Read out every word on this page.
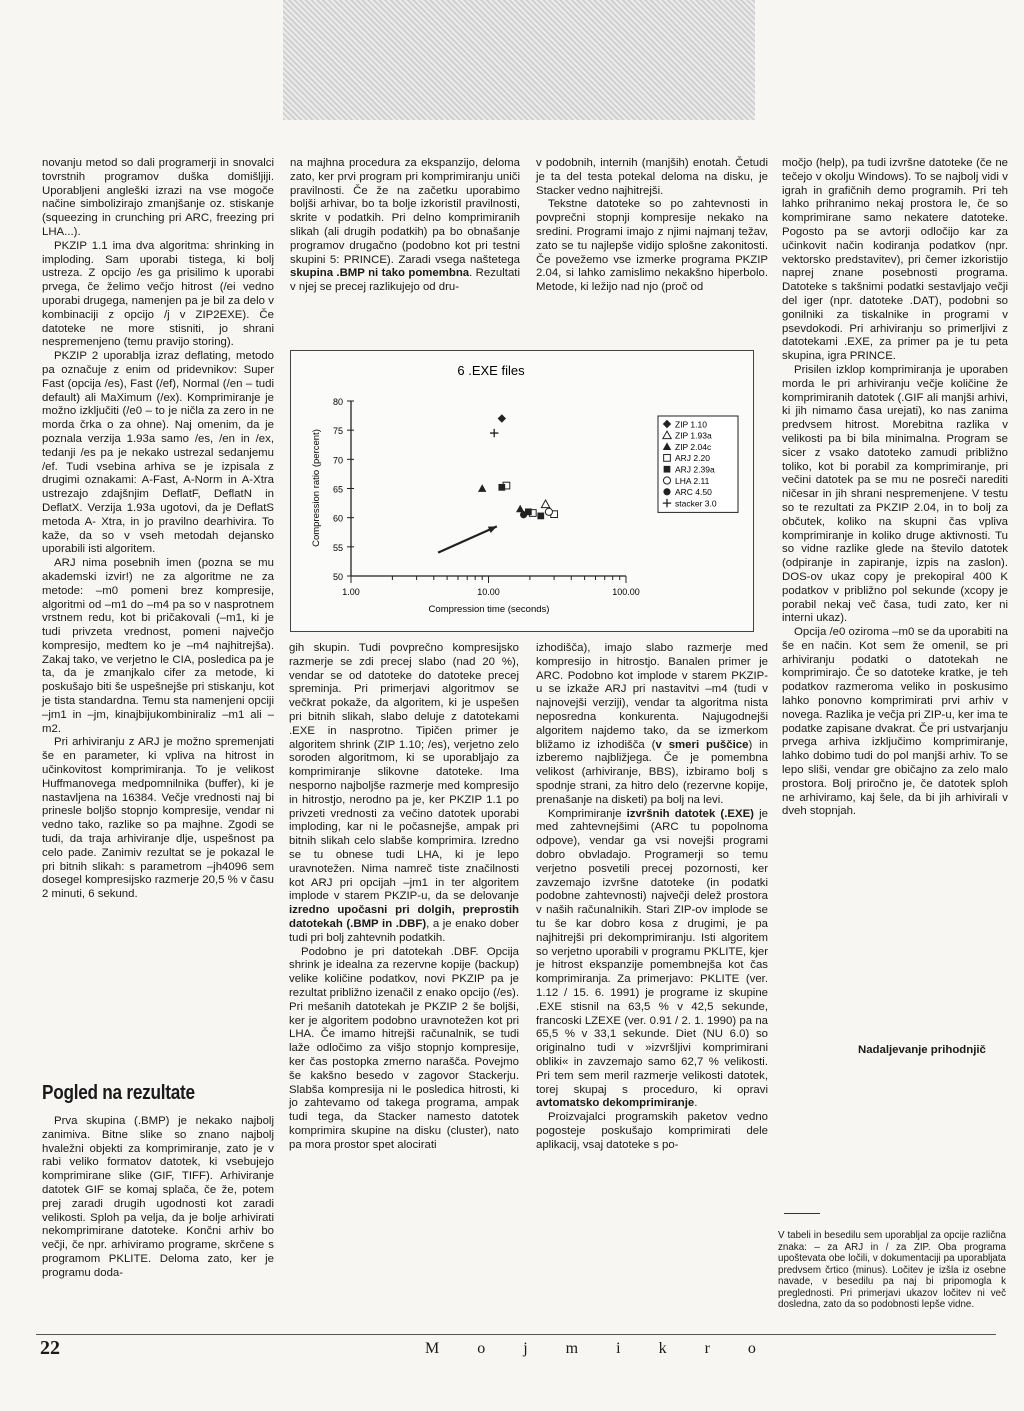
novanju metod so dali programerji in snovalci tovrstnih programov duška domišljiji. Uporabljeni angleški izrazi na vse mogoče načine simbolizirajo zmanjšanje oz. stiskanje (squeezing in crunching pri ARC, freezing pri LHA...).

PKZIP 1.1 ima dva algoritma: shrinking in imploding. Sam uporabi tistega, ki bolj ustreza. Z opcijo /es ga prisilimo k uporabi prvega, če želimo večjo hitrost (/ei vedno uporabi drugega, namenjen pa je bil za delo v kombinaciji z opcijo /j v ZIP2EXE). Če datoteke ne more stisniti, jo shrani nespremenjeno (temu pravijo storing).

PKZIP 2 uporablja izraz deflating, metodo pa označuje z enim od pridevnikov: Super Fast (opcija /es), Fast (/ef), Normal (/en – tudi default) ali MaXimum (/ex). Komprimiranje je možno izključiti (/e0 – to je ničla za zero in ne morda črka o za ohne). Naj omenim, da je poznala verzija 1.93a samo /es, /en in /ex, tedanji /es pa je nekako ustrezal sedanjemu /ef. Tudi vsebina arhiva se je izpisala z drugimi oznakami: A-Fast, A-Norm in A-Xtra ustrezajo zdajšnjim DeflatF, DeflatN in DeflatX. Verzija 1.93a ugotovi, da je DeflatS metoda A- Xtra, in jo pravilno dearhivira. To kaže, da so v vseh metodah dejansko uporabili isti algoritem.

ARJ nima posebnih imen (pozna se mu akademski izvir!) ne za algoritme ne za metode: –m0 pomeni brez kompresije, algoritmi od –m1 do –m4 pa so v nasprotnem vrstnem redu, kot bi pričakovali (–m1, ki je tudi privzeta vrednost, pomeni največjo kompresijo, medtem ko je –m4 najhitrejša). Zakaj tako, ve verjetno le CIA, posledica pa je ta, da je zmanjkalo cifer za metode, ki poskušajo biti še uspešnejše pri stiskanju, kot je tista standardna. Temu sta namenjeni opciji –jm1 in –jm, kinajbijukombiniraliz –m1 ali –m2.

Pri arhiviranju z ARJ je možno spremenjati še en parameter, ki vpliva na hitrost in učinkovitost komprimiranja. To je velikost Huffmanovega medpomnilnika (buffer), ki je nastavljena na 16384. Večje vrednosti naj bi prinesle boljšo stopnjo kompresije, vendar ni vedno tako, razlike so pa majhne. Zgodi se tudi, da traja arhiviranje dlje, uspešnost pa celo pade. Zanimiv rezultat se je pokazal le pri bitnih slikah: s parametrom –jh4096 sem dosegel kompresijsko razmerje 20,5 % v času 2 minuti, 6 sekund.

Pogled na rezultate

Prva skupina (.BMP) je nekako najbolj zanimiva. Bitne slike so znano najbolj hvaležni objekti za komprimiranje, zato je v rabi veliko formatov datotek, ki vsebujejo komprimirane slike (GIF, TIFF). Arhiviranje datotek GIF se komaj splača, če že, potem prej zaradi drugih ugodnosti kot zaradi velikosti. Sploh pa velja, da je bolje arhivirati nekomprimirane datoteke. Končni arhiv bo večji, če npr. arhiviramo programe, skrčene s programom PKLITE. Deloma zato, ker je programu doda-

na majhna procedura za ekspanzijo, deloma zato, ker prvi program pri komprimiranju uniči pravilnosti. Če že na začetku uporabimo boljši arhivar, bo ta bolje izkoristil pravilnosti, skrite v podatkih. Pri delno komprimiranih slikah (ali drugih podatkih) pa bo obnašanje programov drugačno (podobno kot pri testni skupini 5: PRINCE). Zaradi vsega naštetega skupina .BMP ni tako pomembna. Rezultati v njej se precej razlikujejo od dru-

v podobnih, internih (manjših) enotah. Četudi je ta del testa potekal deloma na disku, je Stacker vedno najhitrejši.

Tekstne datoteke so po zahtevnosti in povprečni stopnji kompresije nekako na sredini. Programi imajo z njimi najmanj težav, zato se tu najlepše vidijo splošne zakonitosti. Če povežemo vse izmerke programa PKZIP 2.04, si lahko zamislimo nekakšno hiperbolo. Metode, ki ležijo nad njo (proč od

močjo (help), pa tudi izvršne datoteke (če ne tečejo v okolju Windows). To se najbolj vidi v igrah in grafičnih demo programih. Pri teh lahko prihranimo nekaj prostora le, če so komprimirane samo nekatere datoteke. Pogosto pa se avtorji odločijo kar za učinkovit način kodiranja podatkov (npr. vektorsko predstavitev), pri čemer izkoristijo naprej znane posebnosti programa. Datoteke s takšnimi podatki sestavljajo večji del iger (npr. datoteke .DAT), podobni so gonilniki za tiskalnike in programi v psevdokodi. Pri arhiviranju so primerljivi z datotekami .EXE, za primer pa je tu peta skupina, igra PRINCE.

Prisilen izklop komprimiranja je uporaben morda le pri arhiviranju večje količine že komprimiranih datotek (.GIF ali manjši arhivi, ki jih nimamo časa urejati), ko nas zanima predvsem hitrost. Morebitna razlika v velikosti pa bi bila minimalna. Program se sicer z vsako datoteko zamudi približno toliko, kot bi porabil za komprimiranje, pri večini datotek pa se mu ne posreči narediti ničesar in jih shrani nespremenjene. V testu so te rezultati za PKZIP 2.04, in to bolj za občutek, koliko na skupni čas vpliva komprimiranje in koliko druge aktivnosti. Tu so vidne razlike glede na število datotek (odpiranje in zapiranje, izpis na zaslon). DOS-ov ukaz copy je prekopiral 400 K podatkov v približno pol sekunde (xcopy je porabil nekaj več časa, tudi zato, ker ni interni ukaz).

Opcija /e0 oziroma –m0 se da uporabiti na še en način. Kot sem že omenil, se pri arhiviranju podatki o datotekah ne komprimirajo. Če so datoteke kratke, je teh podatkov razmeroma veliko in poskusimo lahko ponovno komprimirati prvi arhiv v novega. Razlika je večja pri ZIP-u, ker ima te podatke zapisane dvakrat. Če pri ustvarjanju prvega arhiva izključimo komprimiranje, lahko dobimo tudi do pol manjši arhiv. To se lepo sliši, vendar gre običajno za zelo malo prostora. Bolj priročno je, če datotek sploh ne arhiviramo, kaj šele, da bi jih arhivirali v dveh stopnjah.

Nadaljevanje prihodnjič
6 .EXE files
50
55
60
65
70
75
80
1.00	10.00	100.00
Compression time (seconds)
Compression ratio (percent)
ZIP 1.10
ZIP 1.93a
ZIP 2.04c
ARJ 2.20
ARJ 2.39a
LHA 2.11
ARC 4.50
stacker 3.0

gih skupin. Tudi povprečno kompresijsko razmerje se zdi precej slabo (nad 20 %), vendar se od datoteke do datoteke precej spreminja. Pri primerjavi algoritmov se večkrat pokaže, da algoritem, ki je uspešen pri bitnih slikah, slabo deluje z datotekami .EXE in nasprotno. Tipičen primer je algoritem shrink (ZIP 1.10; /es), verjetno zelo soroden algoritmom, ki se uporabljajo za komprimiranje slikovne datoteke. Ima nesporno najboljše razmerje med kompresijo in hitrostjo, nerodno pa je, ker PKZIP 1.1 po privzeti vrednosti za večino datotek uporabi imploding, kar ni le počasnejše, ampak pri bitnih slikah celo slabše komprimira. Izredno se tu obnese tudi LHA, ki je lepo uravnotežen. Nima namreč tiste značilnosti kot ARJ pri opcijah –jm1 in ter algoritem implode v starem PKZIP-u, da se delovanje izredno upočasni pri dolgih, preprostih datotekah (.BMP in .DBF), a je enako dober tudi pri bolj zahtevnih podatkih.

Podobno je pri datotekah .DBF. Opcija shrink je idealna za rezervne kopije (backup) velike količine podatkov, novi PKZIP pa je rezultat približno izenačil z enako opcijo (/es). Pri mešanih datotekah je PKZIP 2 še boljši, ker je algoritem podobno uravnotežen kot pri LHA. Če imamo hitrejši računalnik, se tudi laže odločimo za višjo stopnjo kompresije, ker čas postopka zmerno narašča. Povejmo še kakšno besedo v zagovor Stackerju. Slabša kompresija ni le posledica hitrosti, ki jo zahtevamo od takega programa, ampak tudi tega, da Stacker namesto datotek komprimira skupine na disku (cluster), nato pa mora prostor spet alocirati

izhodišča), imajo slabo razmerje med kompresijo in hitrostjo. Banalen primer je ARC. Podobno kot implode v starem PKZIP- u se izkaže ARJ pri nastavitvi –m4 (tudi v najnovejši verziji), vendar ta algoritma nista neposredna konkurenta. Najugodnejši algoritem najdemo tako, da se izmerkom bližamo iz izhodišča (v smeri puščice) in izberemo najbližjega. Če je pomembna velikost (arhiviranje, BBS), izbiramo bolj s spodnje strani, za hitro delo (rezervne kopije, prenašanje na disketi) pa bolj na levi.

Komprimiranje izvršnih datotek (.EXE) je med zahtevnejšimi (ARC tu popolnoma odpove), vendar ga vsi novejši programi dobro obvladajo. Programerji so temu verjetno posvetili precej pozornosti, ker zavzemajo izvršne datoteke (in podatki podobne zahtevnosti) največji delež prostora v naših računalnikih. Stari ZIP-ov implode se tu še kar dobro kosa z drugimi, je pa najhitrejši pri dekomprimiranju. Isti algoritem so verjetno uporabili v programu PKLITE, kjer je hitrost ekspanzije pomembnejša kot čas komprimiranja. Za primerjavo: PKLITE (ver. 1.12 / 15. 6. 1991) je programe iz skupine .EXE stisnil na 63,5 % v 42,5 sekunde, francoski LZEXE (ver. 0.91 / 2. 1. 1990) pa na 65,5 % v 33,1 sekunde. Diet (NU 6.0) so originalno tudi v »izvršljivi komprimirani obliki« in zavzemajo samo 62,7 % velikosti. Pri tem sem meril razmerje velikosti datotek, torej skupaj s proceduro, ki opravi avtomatsko dekomprimiranje.

Proizvajalci programskih paketov vedno pogosteje poskušajo komprimirati dele aplikacij, vsaj datoteke s po-

V tabeli in besedilu sem uporabljal za opcije različna znaka: – za ARJ in / za ZIP. Oba programa upoštevata obe ločili, v dokumentaciji pa uporabljata predvsem črtico (minus). Ločitev je izšla iz osebne navade, v besedilu pa naj bi pripomogla k preglednosti. Pri primerjavi ukazov ločitev ni več dosledna, zato da so podobnosti lepše vidne.
22	M o j m i k r o
